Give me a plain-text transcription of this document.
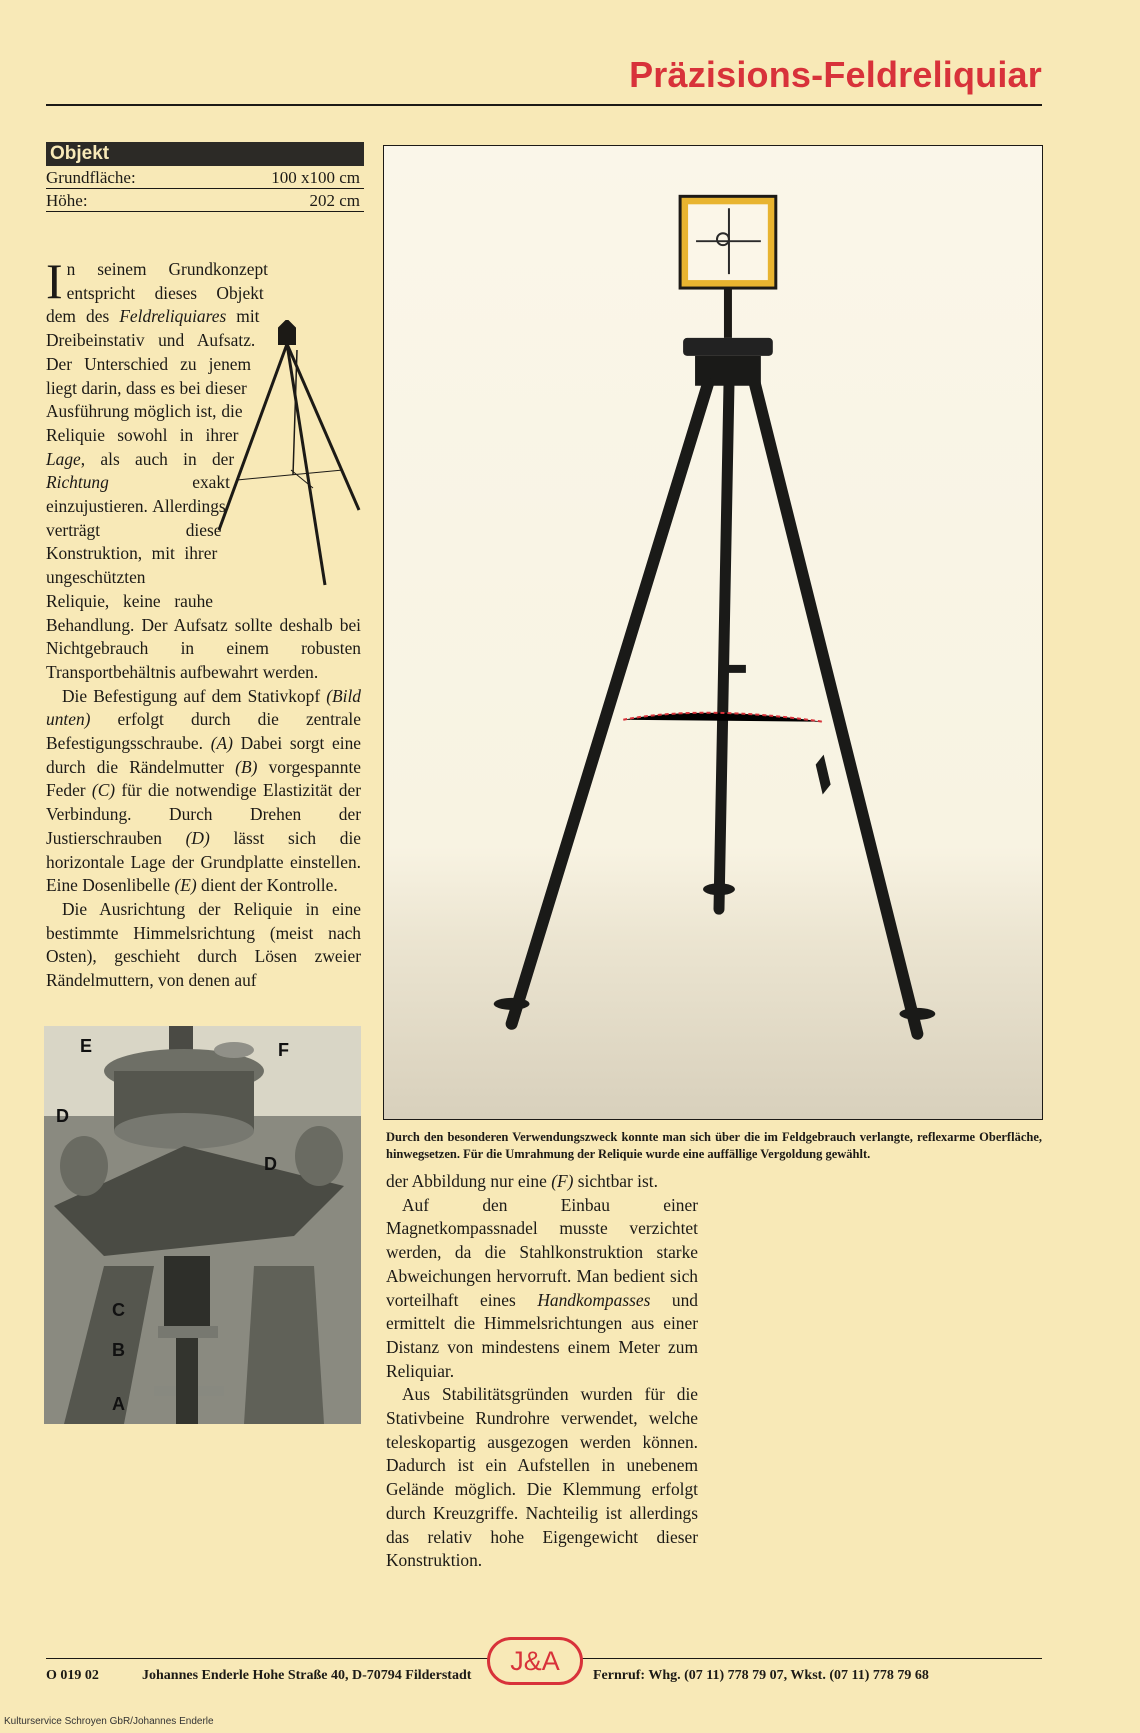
Präzisions-Feldreliquiar
Objekt
Grundfläche:	100 x100 cm
Höhe:	202 cm

I n seinem Grundkonzept entspricht dieses Objekt dem des Feldreliquiares mit Dreibeinstativ und Aufsatz. Der Unterschied zu jenem liegt darin, dass es bei dieser Ausführung möglich ist, die Reliquie sowohl in ihrer Lage, als auch in der Richtung exakt einzujustieren. Allerdings verträgt diese Konstruktion, mit ihrer ungeschützten Reliquie, keine rauhe Behandlung. Der Aufsatz sollte deshalb bei Nichtgebrauch in einem robusten Transportbehältnis aufbewahrt werden.

Die Befestigung auf dem Stativkopf (Bild unten) erfolgt durch die zentrale Befestigungsschraube. (A) Dabei sorgt eine durch die Rändelmutter (B) vorgespannte Feder (C) für die notwendige Elastizität der Verbindung. Durch Drehen der Justierschrauben (D) lässt sich die horizontale Lage der Grundplatte einstellen. Eine Dosenlibelle (E) dient der Kontrolle.

Die Ausrichtung der Reliquie in eine bestimmte Himmelsrichtung (meist nach Osten), geschieht durch Lösen zweier Rändelmuttern, von denen auf

E	F
D
D
C
B
A
Durch den besonderen Verwendungszweck konnte man sich über die im Feldgebrauch verlangte, reflexarme Oberfläche, hinwegsetzen. Für die Umrahmung der Reliquie wurde eine auffällige Vergoldung gewählt.

der Abbildung nur eine (F) sichtbar ist.

Auf den Einbau einer Magnetkompassnadel musste verzichtet werden, da die Stahlkonstruktion starke Abweichungen hervorruft. Man bedient sich vorteilhaft eines Handkompasses und ermittelt die Himmelsrichtungen aus einer Distanz von mindestens einem Meter zum Reliquiar.

Aus Stabilitätsgründen wurden für die Stativbeine Rundrohre verwendet, welche teleskopartig ausgezogen werden können. Dadurch ist ein Aufstellen in unebenem Gelände möglich. Die Klemmung erfolgt durch Kreuzgriffe. Nachteilig ist allerdings das relativ hohe Eigengewicht dieser Konstruktion.

O 019 02	Johannes Enderle Hohe Straße 40, D-70794 Filderstadt	J&A	Fernruf: Whg. (07 11) 778 79 07, Wkst. (07 11) 778 79 68
Kulturservice Schroyen GbR/Johannes Enderle
